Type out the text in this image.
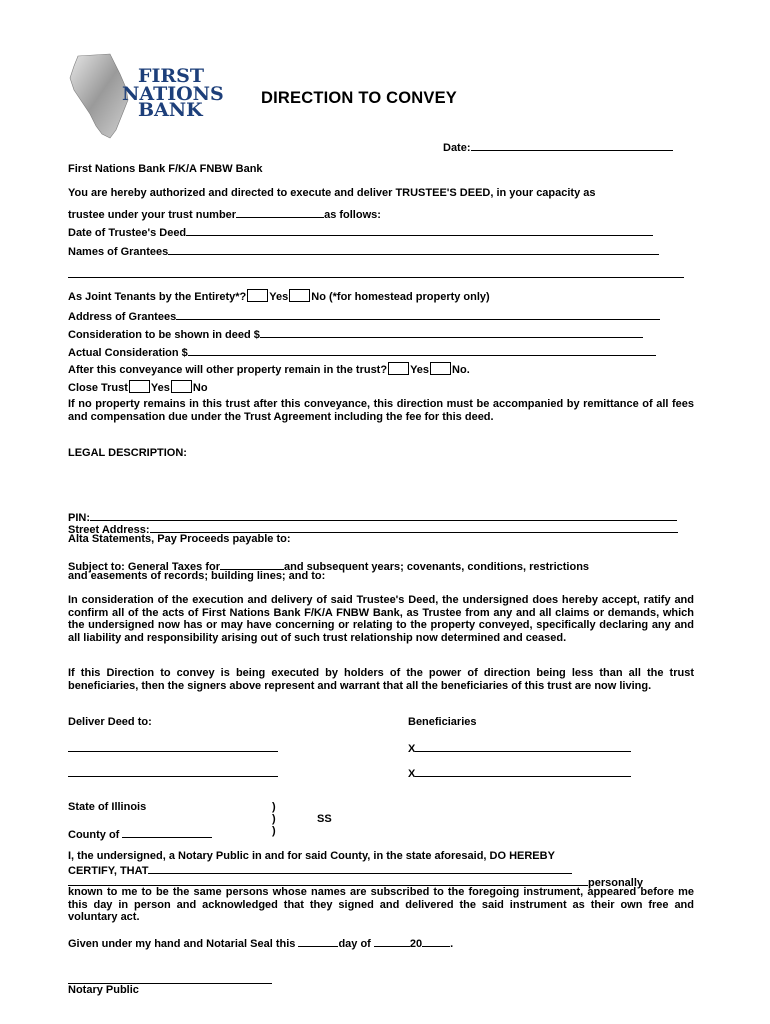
FIRST
NATIONS
BANK
DIRECTION TO CONVEY
Date:
First Nations Bank F/K/A FNBW Bank
You are hereby authorized and directed to execute and deliver TRUSTEE'S DEED, in your capacity as
trustee under your trust number	as follows:
Date of Trustee's Deed
Names of Grantees
As Joint Tenants by the Entirety*? Yes No (*for homestead property only)
Address of Grantees
Consideration to be shown in deed $
Actual Consideration $
After this conveyance will other property remain in the trust? Yes No.
Close Trust Yes No
If no property remains in this trust after this conveyance, this direction must be accompanied by remittance of all fees and compensation due under the Trust Agreement including the fee for this deed.
LEGAL DESCRIPTION:
PIN:
Street Address:
Alta Statements, Pay Proceeds payable to:
Subject to: General Taxes for	and subsequent years; covenants, conditions, restrictions
and easements of records; building lines; and to:
In consideration of the execution and delivery of said Trustee's Deed, the undersigned does hereby accept, ratify and confirm all of the acts of First Nations Bank F/K/A FNBW Bank, as Trustee from any and all claims or demands, which the undersigned now has or may have concerning or relating to the property conveyed, specifically declaring any and all liability and responsibility arising out of such trust relationship now determined and ceased.
If this Direction to convey is being executed by holders of the power of direction being less than all the trust beneficiaries, then the signers above represent and warrant that all the beneficiaries of this trust are now living.
Deliver Deed to:	Beneficiaries
X
X
State of Illinois
County of
)
)
)
SS
I, the undersigned, a Notary Public in and for said County, in the state aforesaid, DO HEREBY
CERTIFY, THAT
personally
known to me to be the same persons whose names are subscribed to the foregoing instrument, appeared before me this day in person and acknowledged that they signed and delivered the said instrument as their own free and voluntary act.
Given under my hand and Notarial Seal this	day of	20	.
Notary Public
